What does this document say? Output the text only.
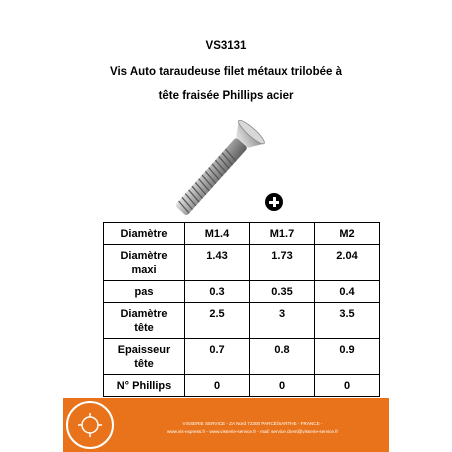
VS3131
Vis Auto taraudeuse filet métaux trilobée à
tête fraisée Phillips acier
Diamètre	M1.4	M1.7	M2

Diamètre
maxi	1.43	1.73	2.04

pas	0.3	0.35	0.4

Diamètre
tête	2.5	3	3.5

Epaisseur
tête	0.7	0.8	0.9

N° Phillips	0	0	0
VISSERIE SERVICE - ZA Nord 72300 PARCÉ/SARTHE - FRANCE -
www.vis-express.fr - www.visserie-service.fr - mail: service.client@visserie-service.fr
